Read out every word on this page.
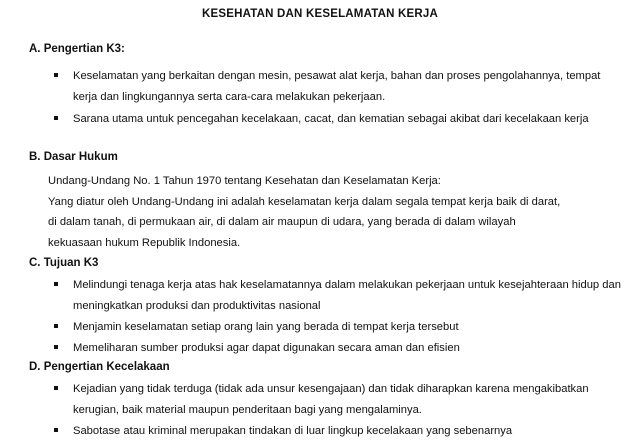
KESEHATAN DAN KESELAMATAN KERJA
A. Pengertian K3:
Keselamatan yang berkaitan dengan mesin, pesawat alat kerja, bahan dan proses pengolahannya, tempat kerja dan lingkungannya serta cara-cara melakukan pekerjaan.
Sarana utama untuk pencegahan kecelakaan, cacat, dan kematian sebagai akibat dari kecelakaan kerja
B. Dasar Hukum
Undang-Undang No. 1 Tahun 1970 tentang Kesehatan dan Keselamatan Kerja:
Yang diatur oleh Undang-Undang ini adalah keselamatan kerja dalam segala tempat kerja baik di darat,
di dalam tanah, di permukaan air, di dalam air maupun di udara, yang berada di dalam wilayah
kekuasaan hukum Republik Indonesia.
C. Tujuan K3
Melindungi tenaga kerja atas hak keselamatannya dalam melakukan pekerjaan untuk kesejahteraan hidup dan meningkatkan produksi dan produktivitas nasional
Menjamin keselamatan setiap orang lain yang berada di tempat kerja tersebut
Memeliharan sumber produksi agar dapat digunakan secara aman dan efisien
D. Pengertian Kecelakaan
Kejadian yang tidak terduga (tidak ada unsur kesengajaan) dan tidak diharapkan karena mengakibatkan kerugian, baik material maupun penderitaan bagi yang mengalaminya.
Sabotase atau kriminal merupakan tindakan di luar lingkup kecelakaan yang sebenarnya
